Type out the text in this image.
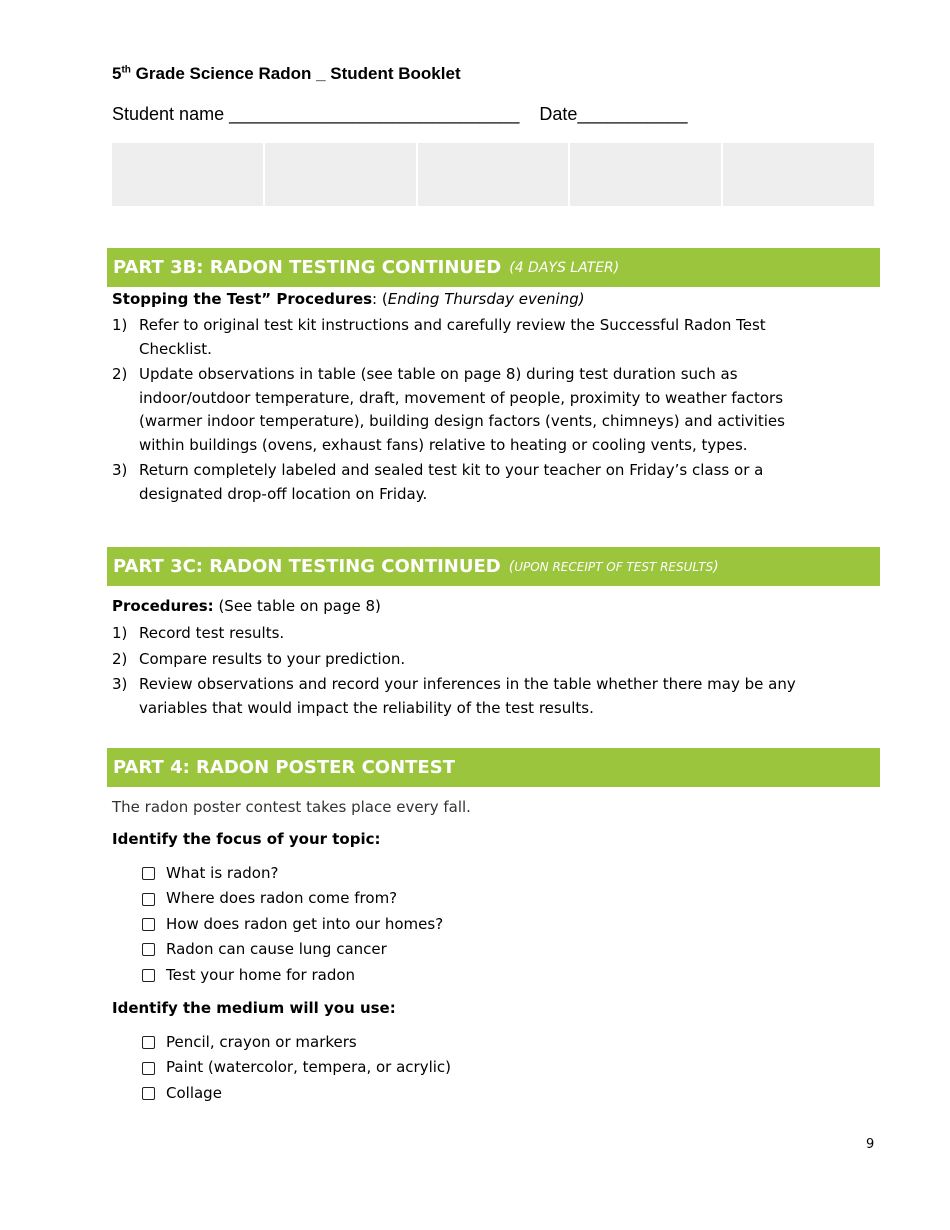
5th Grade Science Radon _ Student Booklet
Student name _____________________________ Date___________
PART 3B: RADON TESTING CONTINUED (4 DAYS LATER)
Stopping the Test” Procedures: (Ending Thursday evening)
1) Refer to original test kit instructions and carefully review the Successful Radon Test Checklist.
2) Update observations in table (see table on page 8) during test duration such as indoor/outdoor temperature, draft, movement of people, proximity to weather factors (warmer indoor temperature), building design factors (vents, chimneys) and activities within buildings (ovens, exhaust fans) relative to heating or cooling vents, types.
3) Return completely labeled and sealed test kit to your teacher on Friday’s class or a designated drop-off location on Friday.
PART 3C: RADON TESTING CONTINUED (UPON RECEIPT OF TEST RESULTS)
Procedures: (See table on page 8)
1) Record test results.
2) Compare results to your prediction.
3) Review observations and record your inferences in the table whether there may be any variables that would impact the reliability of the test results.
PART 4: RADON POSTER CONTEST
The radon poster contest takes place every fall.
Identify the focus of your topic:
What is radon?
Where does radon come from?
How does radon get into our homes?
Radon can cause lung cancer
Test your home for radon
Identify the medium will you use:
Pencil, crayon or markers
Paint (watercolor, tempera, or acrylic)
Collage
9
